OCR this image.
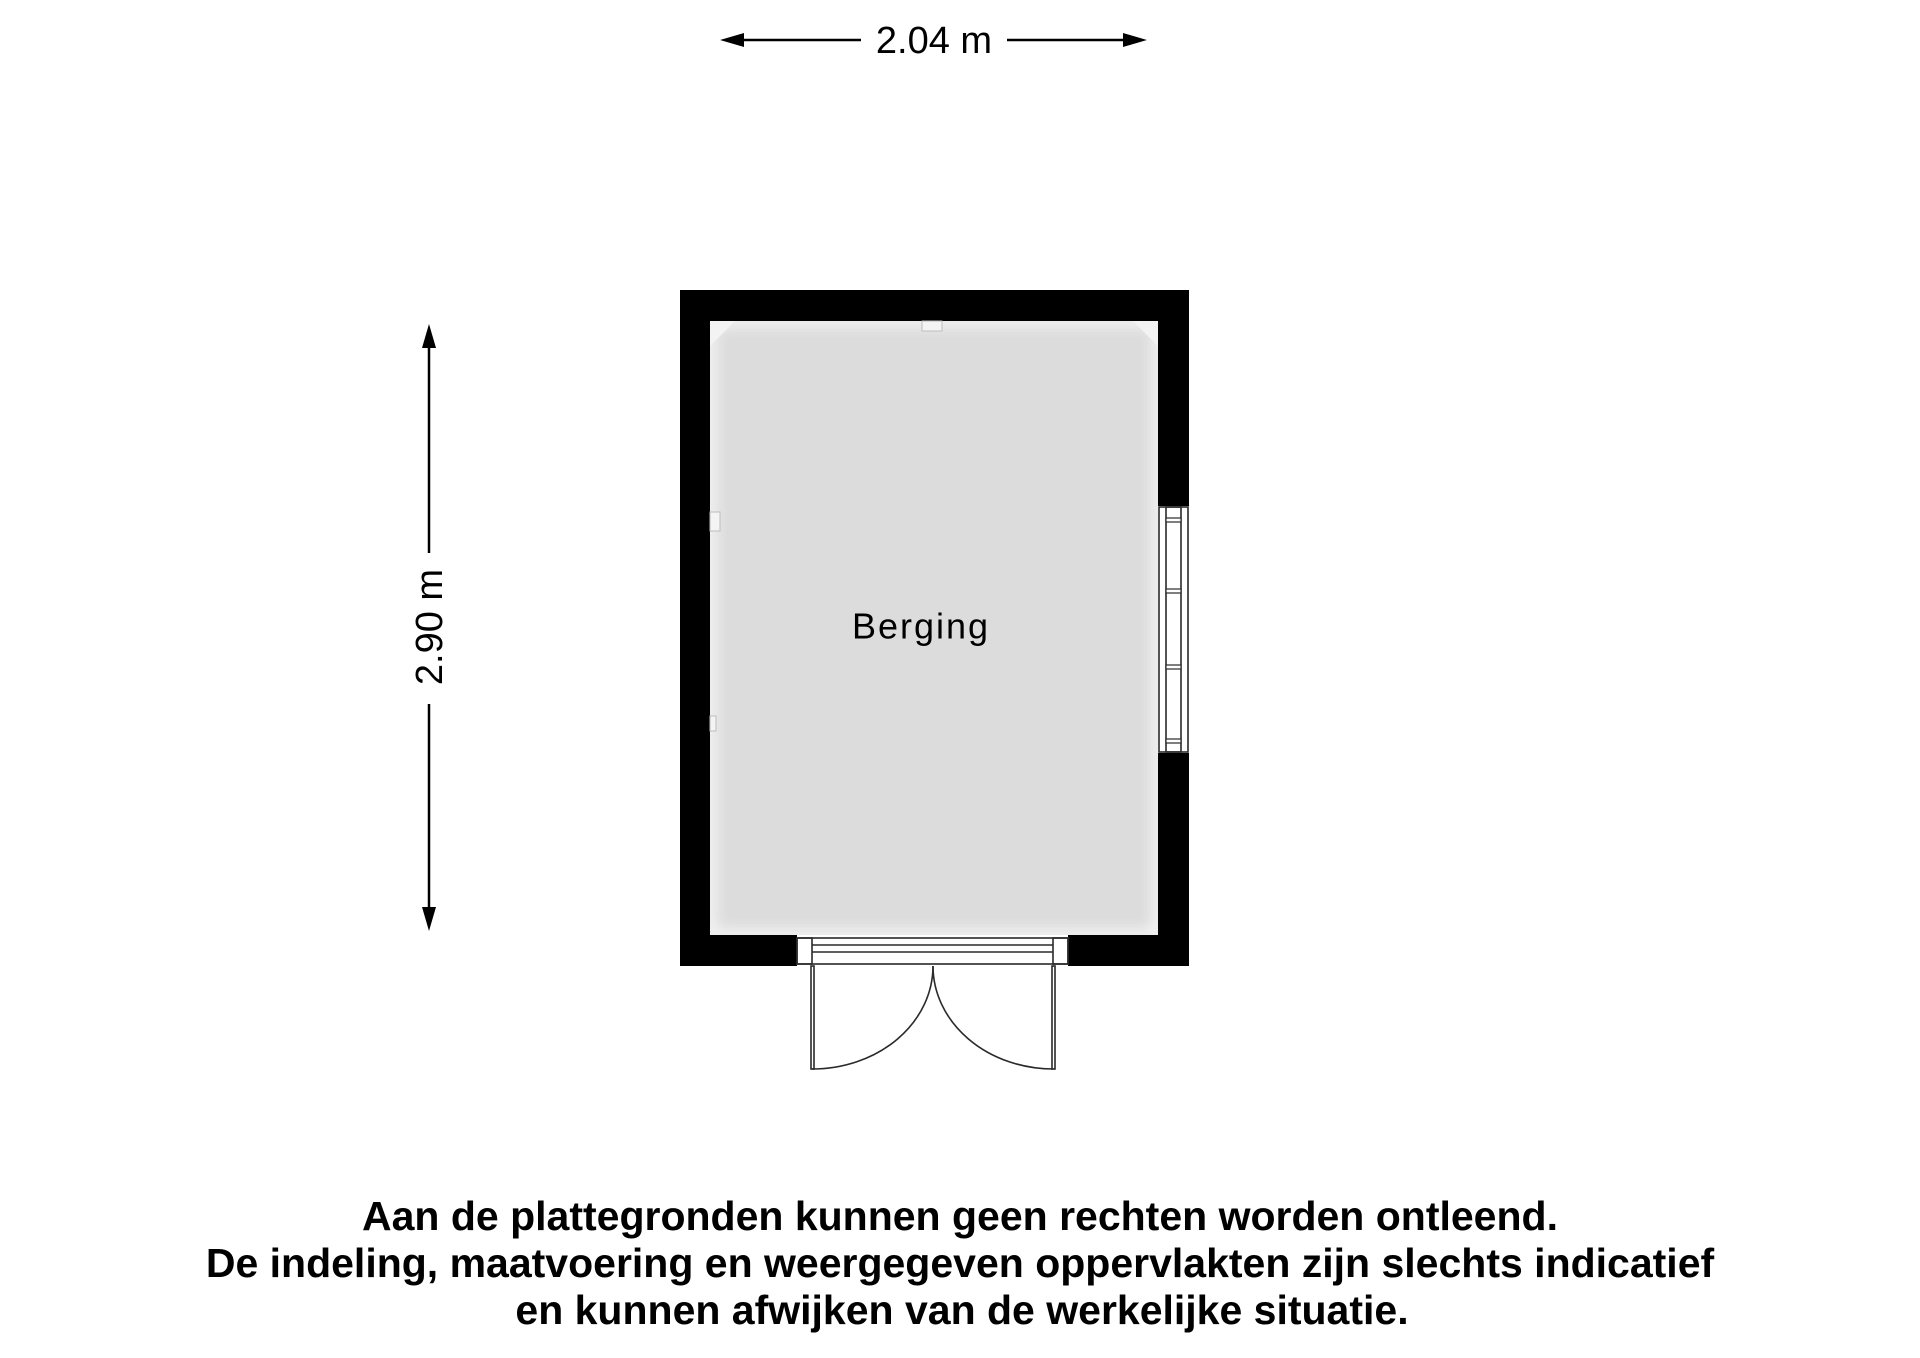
2.04 m
2.90 m	Berging
Aan de plattegronden kunnen geen rechten worden ontleend.
De indeling, maatvoering en weergegeven oppervlakten zijn slechts indicatief
en kunnen afwijken van de werkelijke situatie.
